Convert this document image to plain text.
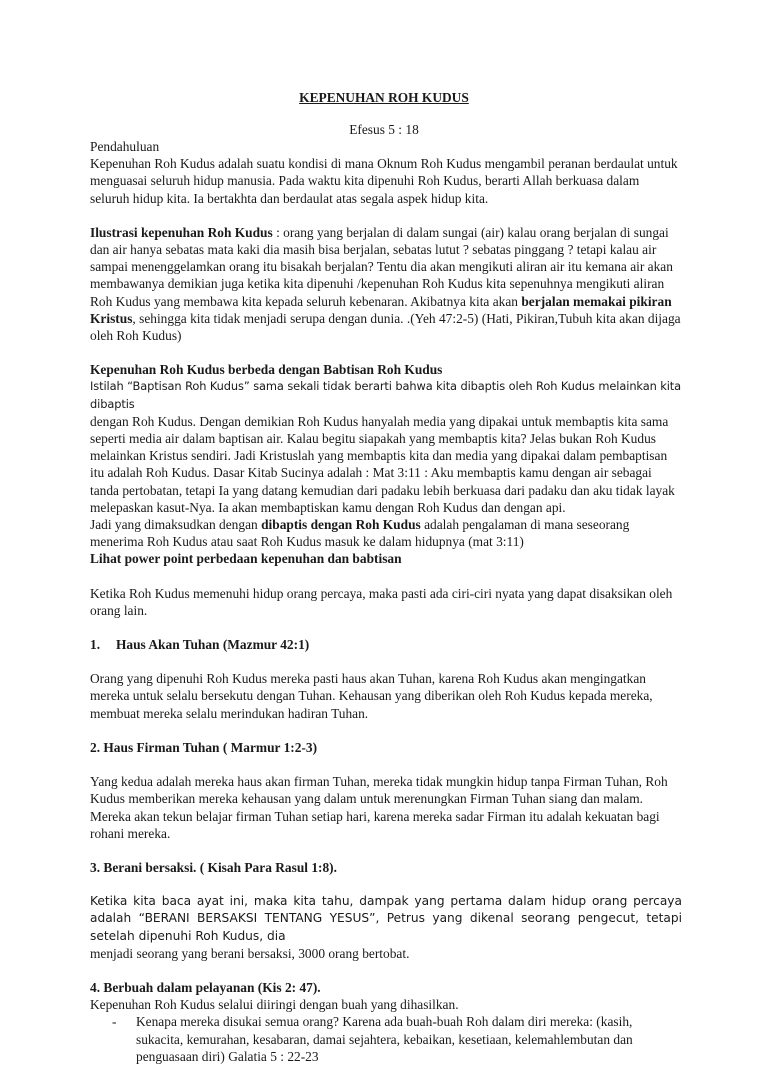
KEPENUHAN ROH KUDUS
Efesus 5 : 18

Pendahuluan

Kepenuhan Roh Kudus adalah suatu kondisi di mana Oknum Roh Kudus mengambil peranan berdaulat untuk menguasai seluruh hidup manusia. Pada waktu kita dipenuhi Roh Kudus, berarti Allah berkuasa dalam seluruh hidup kita. Ia bertakhta dan berdaulat atas segala aspek hidup kita.

Ilustrasi kepenuhan Roh Kudus : orang yang berjalan di dalam sungai (air) kalau orang berjalan di sungai dan air hanya sebatas mata kaki dia masih bisa berjalan, sebatas lutut ? sebatas pinggang ? tetapi kalau air sampai menenggelamkan orang itu bisakah berjalan? Tentu dia akan mengikuti aliran air itu kemana air akan membawanya demikian juga ketika kita dipenuhi /kepenuhan Roh Kudus kita sepenuhnya mengikuti aliran Roh Kudus yang membawa kita kepada seluruh kebenaran. Akibatnya kita akan berjalan memakai pikiran Kristus, sehingga kita tidak menjadi serupa dengan dunia. .(Yeh 47:2-5) (Hati, Pikiran,Tubuh kita akan dijaga oleh Roh Kudus)

Kepenuhan Roh Kudus berbeda dengan Babtisan Roh Kudus

Istilah “Baptisan Roh Kudus” sama sekali tidak berarti bahwa kita dibaptis oleh Roh Kudus melainkan kita dibaptis

dengan Roh Kudus. Dengan demikian Roh Kudus hanyalah media yang dipakai untuk membaptis kita sama seperti media air dalam baptisan air. Kalau begitu siapakah yang membaptis kita? Jelas bukan Roh Kudus melainkan Kristus sendiri. Jadi Kristuslah yang membaptis kita dan media yang dipakai dalam pembaptisan itu adalah Roh Kudus. Dasar Kitab Sucinya adalah : Mat 3:11 : Aku membaptis kamu dengan air sebagai tanda pertobatan, tetapi Ia yang datang kemudian dari padaku lebih berkuasa dari padaku dan aku tidak layak melepaskan kasut-Nya. Ia akan membaptiskan kamu dengan Roh Kudus dan dengan api.

Jadi yang dimaksudkan dengan dibaptis dengan Roh Kudus adalah pengalaman di mana seseorang menerima Roh Kudus atau saat Roh Kudus masuk ke dalam hidupnya (mat 3:11)

Lihat power point perbedaan kepenuhan dan babtisan

Ketika Roh Kudus memenuhi hidup orang percaya, maka pasti ada ciri-ciri nyata yang dapat disaksikan oleh orang lain.

1. Haus Akan Tuhan (Mazmur 42:1)

Orang yang dipenuhi Roh Kudus mereka pasti haus akan Tuhan, karena Roh Kudus akan mengingatkan mereka untuk selalu bersekutu dengan Tuhan. Kehausan yang diberikan oleh Roh Kudus kepada mereka, membuat mereka selalu merindukan hadiran Tuhan.

2. Haus Firman Tuhan ( Marmur 1:2-3)

Yang kedua adalah mereka haus akan firman Tuhan, mereka tidak mungkin hidup tanpa Firman Tuhan, Roh Kudus memberikan mereka kehausan yang dalam untuk merenungkan Firman Tuhan siang dan malam. Mereka akan tekun belajar firman Tuhan setiap hari, karena mereka sadar Firman itu adalah kekuatan bagi rohani mereka.

3. Berani bersaksi. ( Kisah Para Rasul 1:8).

Ketika kita baca ayat ini, maka kita tahu, dampak yang pertama dalam hidup orang percaya adalah “BERANI BERSAKSI TENTANG YESUS”, Petrus yang dikenal seorang pengecut, tetapi setelah dipenuhi Roh Kudus, dia

menjadi seorang yang berani bersaksi, 3000 orang bertobat.

4. Berbuah dalam pelayanan (Kis 2: 47).

Kepenuhan Roh Kudus selalui diiringi dengan buah yang dihasilkan.

- Kenapa mereka disukai semua orang? Karena ada buah-buah Roh dalam diri mereka: (kasih, sukacita, kemurahan, kesabaran, damai sejahtera, kebaikan, kesetiaan, kelemahlembutan dan penguasaan diri) Galatia 5 : 22-23
